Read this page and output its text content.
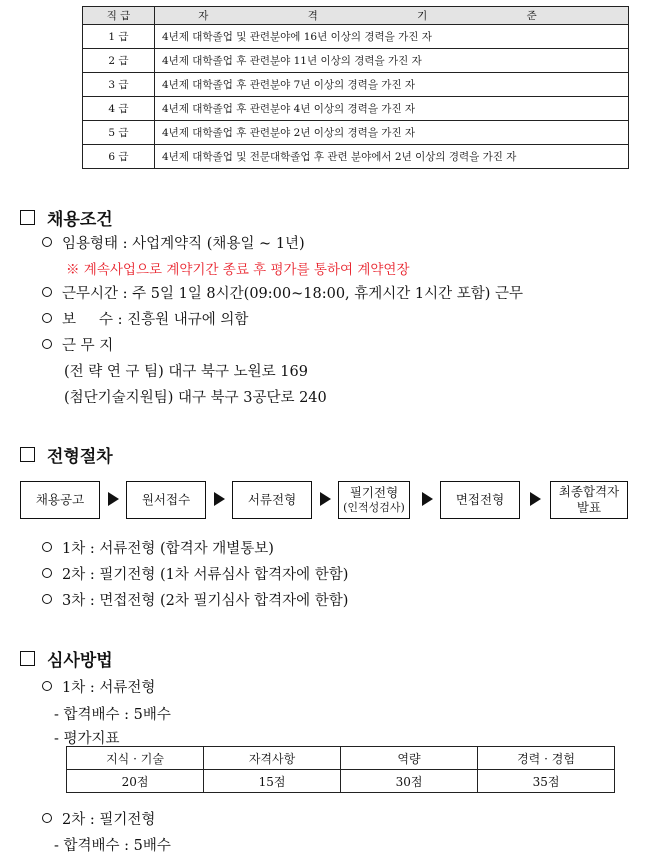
직 급	자 격 기 준
1 급	4년제 대학졸업 및 관련분야에 16년 이상의 경력을 가진 자
2 급	4년제 대학졸업 후 관련분야 11년 이상의 경력을 가진 자
3 급	4년제 대학졸업 후 관련분야 7년 이상의 경력을 가진 자
4 급	4년제 대학졸업 후 관련분야 4년 이상의 경력을 가진 자
5 급	4년제 대학졸업 후 관련분야 2년 이상의 경력을 가진 자
6 급	4년제 대학졸업 및 전문대학졸업 후 관련 분야에서 2년 이상의 경력을 가진 자
채용조건
임용형태 : 사업계약직 (채용일 ~ 1년)
※ 계속사업으로 계약기간 종료 후 평가를 통하여 계약연장
근무시간 : 주 5일 1일 8시간(09:00~18:00, 휴게시간 1시간 포함) 근무
보     수 : 진흥원 내규에 의함
근 무 지
(전 략 연 구 팀) 대구 북구 노원로 169
(첨단기술지원팀) 대구 북구 3공단로 240
전형절차
채용공고	원서접수	서류전형	필기전형
(인적성검사)
면접전형
최종합격자
발표
1차 : 서류전형 (합격자 개별통보)
2차 : 필기전형 (1차 서류심사 합격자에 한함)
3차 : 면접전형 (2차 필기심사 합격자에 한함)
심사방법
1차 : 서류전형
- 합격배수 : 5배수
- 평가지표
지식 · 기술	자격사항	역량	경력 · 경험
20점	15점	30점	35점
2차 : 필기전형
- 합격배수 : 5배수
